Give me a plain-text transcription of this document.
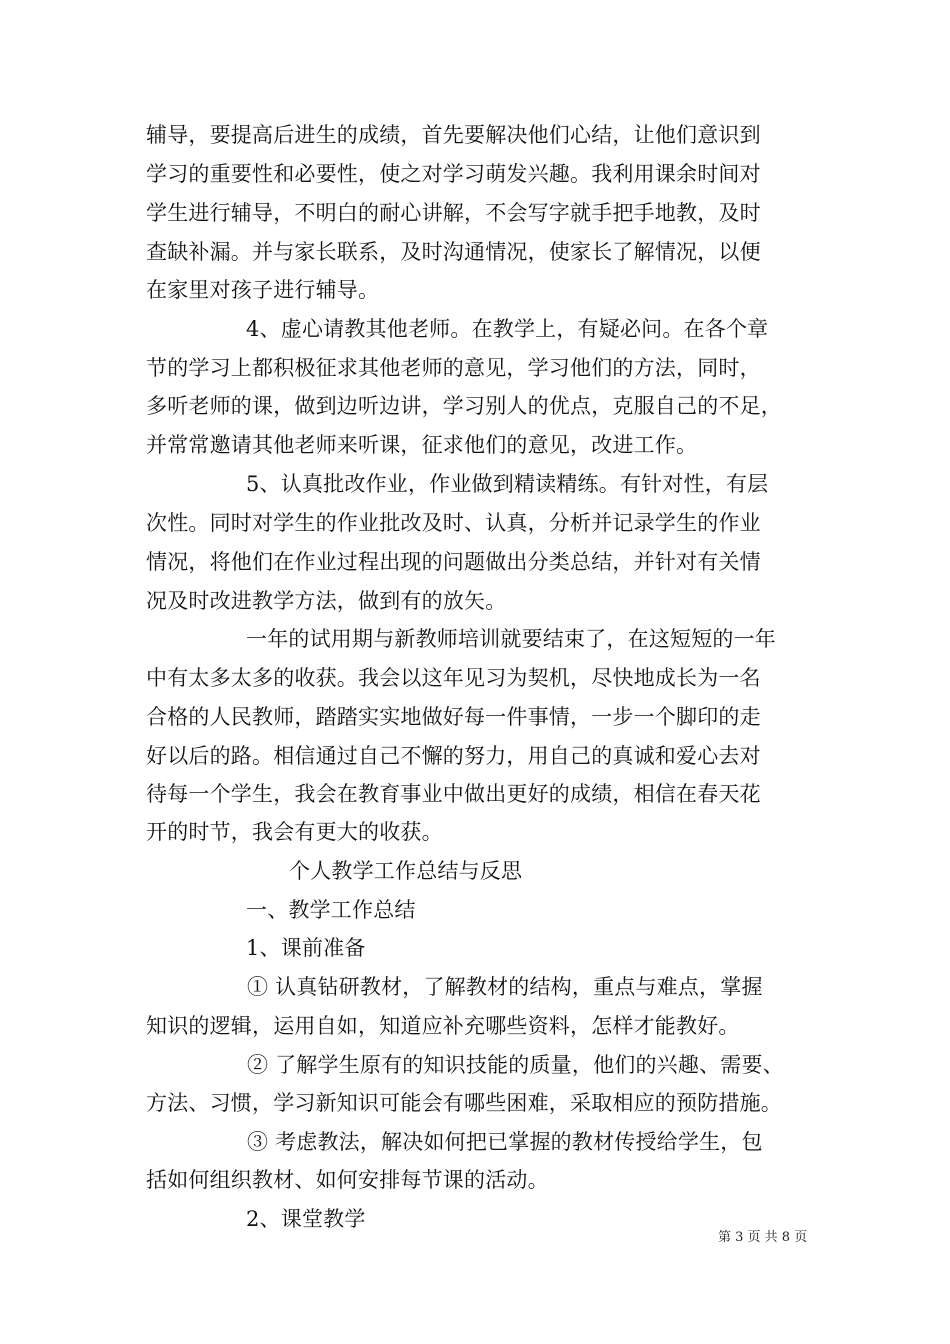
辅导，要提高后进生的成绩，首先要解决他们心结，让他们意识到
学习的重要性和必要性，使之对学习萌发兴趣。我利用课余时间对
学生进行辅导，不明白的耐心讲解，不会写字就手把手地教，及时
查缺补漏。并与家长联系，及时沟通情况，使家长了解情况，以便
在家里对孩子进行辅导。
4、虚心请教其他老师。在教学上，有疑必问。在各个章
节的学习上都积极征求其他老师的意见，学习他们的方法，同时，
多听老师的课，做到边听边讲，学习别人的优点，克服自己的不足，
并常常邀请其他老师来听课，征求他们的意见，改进工作。
5、认真批改作业，作业做到精读精练。有针对性，有层
次性。同时对学生的作业批改及时、认真，分析并记录学生的作业
情况，将他们在作业过程出现的问题做出分类总结，并针对有关情
况及时改进教学方法，做到有的放矢。
一年的试用期与新教师培训就要结束了，在这短短的一年
中有太多太多的收获。我会以这年见习为契机，尽快地成长为一名
合格的人民教师，踏踏实实地做好每一件事情，一步一个脚印的走
好以后的路。相信通过自己不懈的努力，用自己的真诚和爱心去对
待每一个学生，我会在教育事业中做出更好的成绩，相信在春天花
开的时节，我会有更大的收获。
个人教学工作总结与反思
一、教学工作总结
1、课前准备
① 认真钻研教材，了解教材的结构，重点与难点，掌握
知识的逻辑，运用自如，知道应补充哪些资料，怎样才能教好。
② 了解学生原有的知识技能的质量，他们的兴趣、需要、
方法、习惯，学习新知识可能会有哪些困难，采取相应的预防措施。
③ 考虑教法，解决如何把已掌握的教材传授给学生，包
括如何组织教材、如何安排每节课的活动。
2、课堂教学
第 3 页 共 8 页
